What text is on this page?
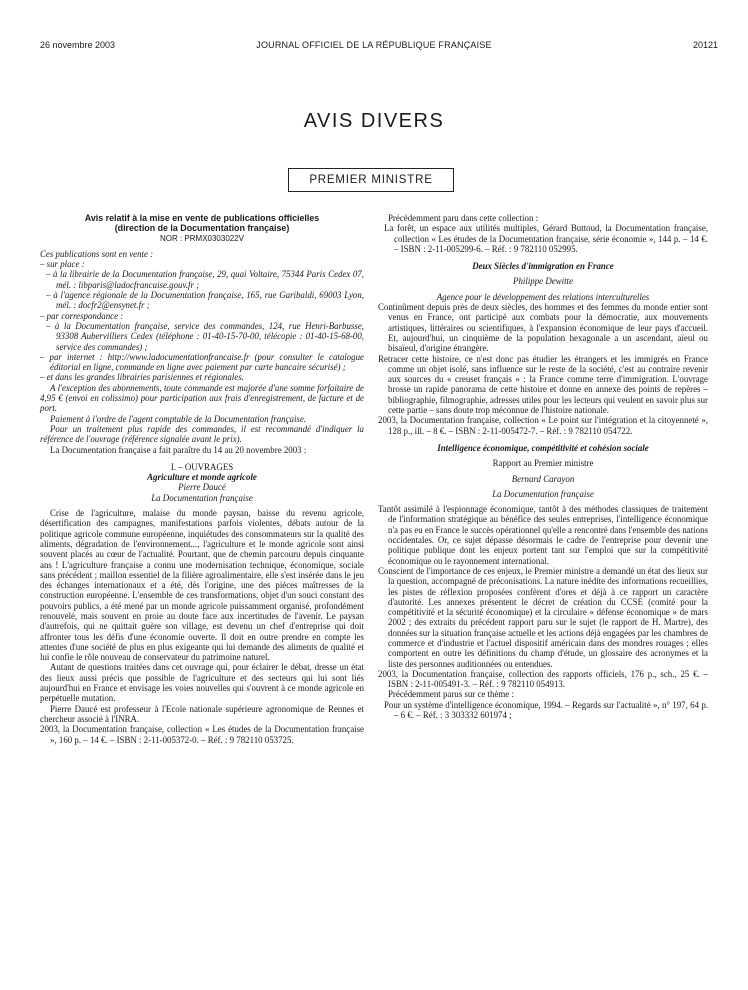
26 novembre 2003	JOURNAL OFFICIEL DE LA RÉPUBLIQUE FRANÇAISE	20121
AVIS DIVERS
PREMIER MINISTRE

Avis relatif à la mise en vente de publications officielles

(direction de la Documentation française)

NOR : PRMX0303022V

Ces publications sont en vente :

– sur place :

– à la librairie de la Documentation française, 29, quai Voltaire, 75344 Paris Cedex 07, mél. : libparis@ladocfrancaise.gouv.fr ;

– à l'agence régionale de la Documentation française, 165, rue Garibaldi, 69003 Lyon, mél. : docfr2@ensynet.fr ;

– par correspondance :

– à la Documentation française, service des commandes, 124, rue Henri-Barbusse, 93308 Aubervilliers Cedex (téléphone : 01-40-15-70-00, télécopie : 01-40-15-68-00, service des commandes) ;

– par internet : http://www.ladocumentationfrancaise.fr (pour consulter le catalogue éditorial en ligne, commande en ligne avec paiement par carte bancaire sécurisé) ;

– et dans les grandes librairies parisiennes et régionales.

A l'exception des abonnements, toute commande est majorée d'une somme forfaitaire de 4,95 € (envoi en colissimo) pour participation aux frais d'enregistrement, de facture et de port.

Paiement à l'ordre de l'agent comptable de la Documentation française.

Pour un traitement plus rapide des commandes, il est recommandé d'indiquer la référence de l'ouvrage (référence signalée avant le prix).

La Documentation française a fait paraître du 14 au 20 novembre 2003 :

I. – OUVRAGES

Agriculture et monde agricole

Pierre Daucé

La Documentation française

Crise de l'agriculture, malaise du monde paysan, baisse du revenu agricole, désertification des campagnes, manifestations parfois violentes, débats autour de la politique agricole commune européenne, inquiétudes des consommateurs sur la qualité des aliments, dégradation de l'environnement..., l'agriculture et le monde agricole sont ainsi souvent placés au cœur de l'actualité. Pourtant, que de chemin parcouru depuis cinquante ans ! L'agriculture française a connu une modernisation technique, économique, sociale sans précédent ; maillon essentiel de la filière agroalimentaire, elle s'est insérée dans le jeu des échanges internationaux et a été, dès l'origine, une des pièces maîtresses de la construction européenne. L'ensemble de ces transformations, objet d'un souci constant des pouvoirs publics, a été mené par un monde agricole puissamment organisé, profondément renouvelé, mais souvent en proie au doute face aux incertitudes de l'avenir. Le paysan d'autrefois, qui ne quittait guère son village, est devenu un chef d'entreprise qui doit affronter tous les défis d'une économie ouverte. Il doit en outre prendre en compte les attentes d'une société de plus en plus exigeante qui lui demande des aliments de qualité et lui confie le rôle nouveau de conservateur du patrimoine naturel.

Autant de questions traitées dans cet ouvrage qui, pour éclairer le débat, dresse un état des lieux aussi précis que possible de l'agriculture et des secteurs qui lui sont liés aujourd'hui en France et envisage les voies nouvelles qui s'ouvrent à ce monde agricole en perpétuelle mutation.

Pierre Daucé est professeur à l'Ecole nationale supérieure agronomique de Rennes et chercheur associé à l'INRA.

2003, la Documentation française, collection « Les études de la Documentation française », 160 p. – 14 €. – ISBN : 2-11-005372-0. – Réf. : 9 782110 053725.

Précédemment paru dans cette collection :

La forêt, un espace aux utilités multiples, Gérard Buttoud, la Documentation française, collection « Les études de la Documentation française, série économie », 144 p. – 14 €. – ISBN : 2-11-005299-6. – Réf. : 9 782110 052995.

Deux Siècles d'immigration en France

Philippe Dewitte

Agence pour le développement des relations interculturelles

Continûment depuis près de deux siècles, des hommes et des femmes du monde entier sont venus en France, ont participé aux combats pour la démocratie, aux mouvements artistiques, littéraires ou scientifiques, à l'expansion économique de leur pays d'accueil. Et, aujourd'hui, un cinquième de la population hexagonale a un ascendant, aïeul ou bisaïeul, d'origine étrangère.

Retracer cette histoire, ce n'est donc pas étudier les étrangers et les immigrés en France comme un objet isolé, sans influence sur le reste de la société, c'est au contraire revenir aux sources du « creuset français » : la France comme terre d'immigration. L'ouvrage brosse un rapide panorama de cette histoire et donne en annexe des points de repères – bibliographie, filmographie, adresses utiles pour les lecteurs qui veulent en savoir plus sur cette partie – sans doute trop méconnue de l'histoire nationale.

2003, la Documentation française, collection « Le point sur l'intégration et la citoyenneté », 128 p., ill. – 8 €. – ISBN : 2-11-005472-7. – Réf. : 9 782110 054722.

Intelligence économique, compétitivité et cohésion sociale

Rapport au Premier ministre

Bernard Carayon

La Documentation française

Tantôt assimilé à l'espionnage économique, tantôt à des méthodes classiques de traitement de l'information stratégique au bénéfice des seules entreprises, l'intelligence économique n'a pas eu en France le succès opérationnel qu'elle a rencontré dans l'ensemble des nations occidentales. Or, ce sujet dépasse désormais le cadre de l'entreprise pour devenir une politique publique dont les enjeux portent tant sur l'emploi que sur la compétitivité économique ou le rayonnement international.

Conscient de l'importance de ces enjeux, le Premier ministre a demandé un état des lieux sur la question, accompagné de préconisations. La nature inédite des informations recueillies, les pistes de réflexion proposées confèrent d'ores et déjà à ce rapport un caractère d'autorité. Les annexes présentent le décret de création du CCSE (comité pour la compétitivité et la sécurité économique) et la circulaire « défense économique » de mars 2002 ; des extraits du précédent rapport paru sur le sujet (le rapport de H. Martre), des données sur la situation française actuelle et les actions déjà engagées par les chambres de commerce et d'industrie et l'actuel dispositif américain dans des mondres rouages ; elles comportent en outre les définitions du champ d'étude, un glossaire des acronymes et la liste des personnes auditionnées ou entendues.

2003, la Documentation française, collection des rapports officiels, 176 p., sch., 25 €. – ISBN : 2-11-005491-3. – Réf. : 9 782110 054913.

Précédemment parus sur ce thème :

Pour un système d'intelligence économique, 1994. – Regards sur l'actualité », n° 197, 64 p. – 6 €. – Réf. : 3 303332 601974 ;
